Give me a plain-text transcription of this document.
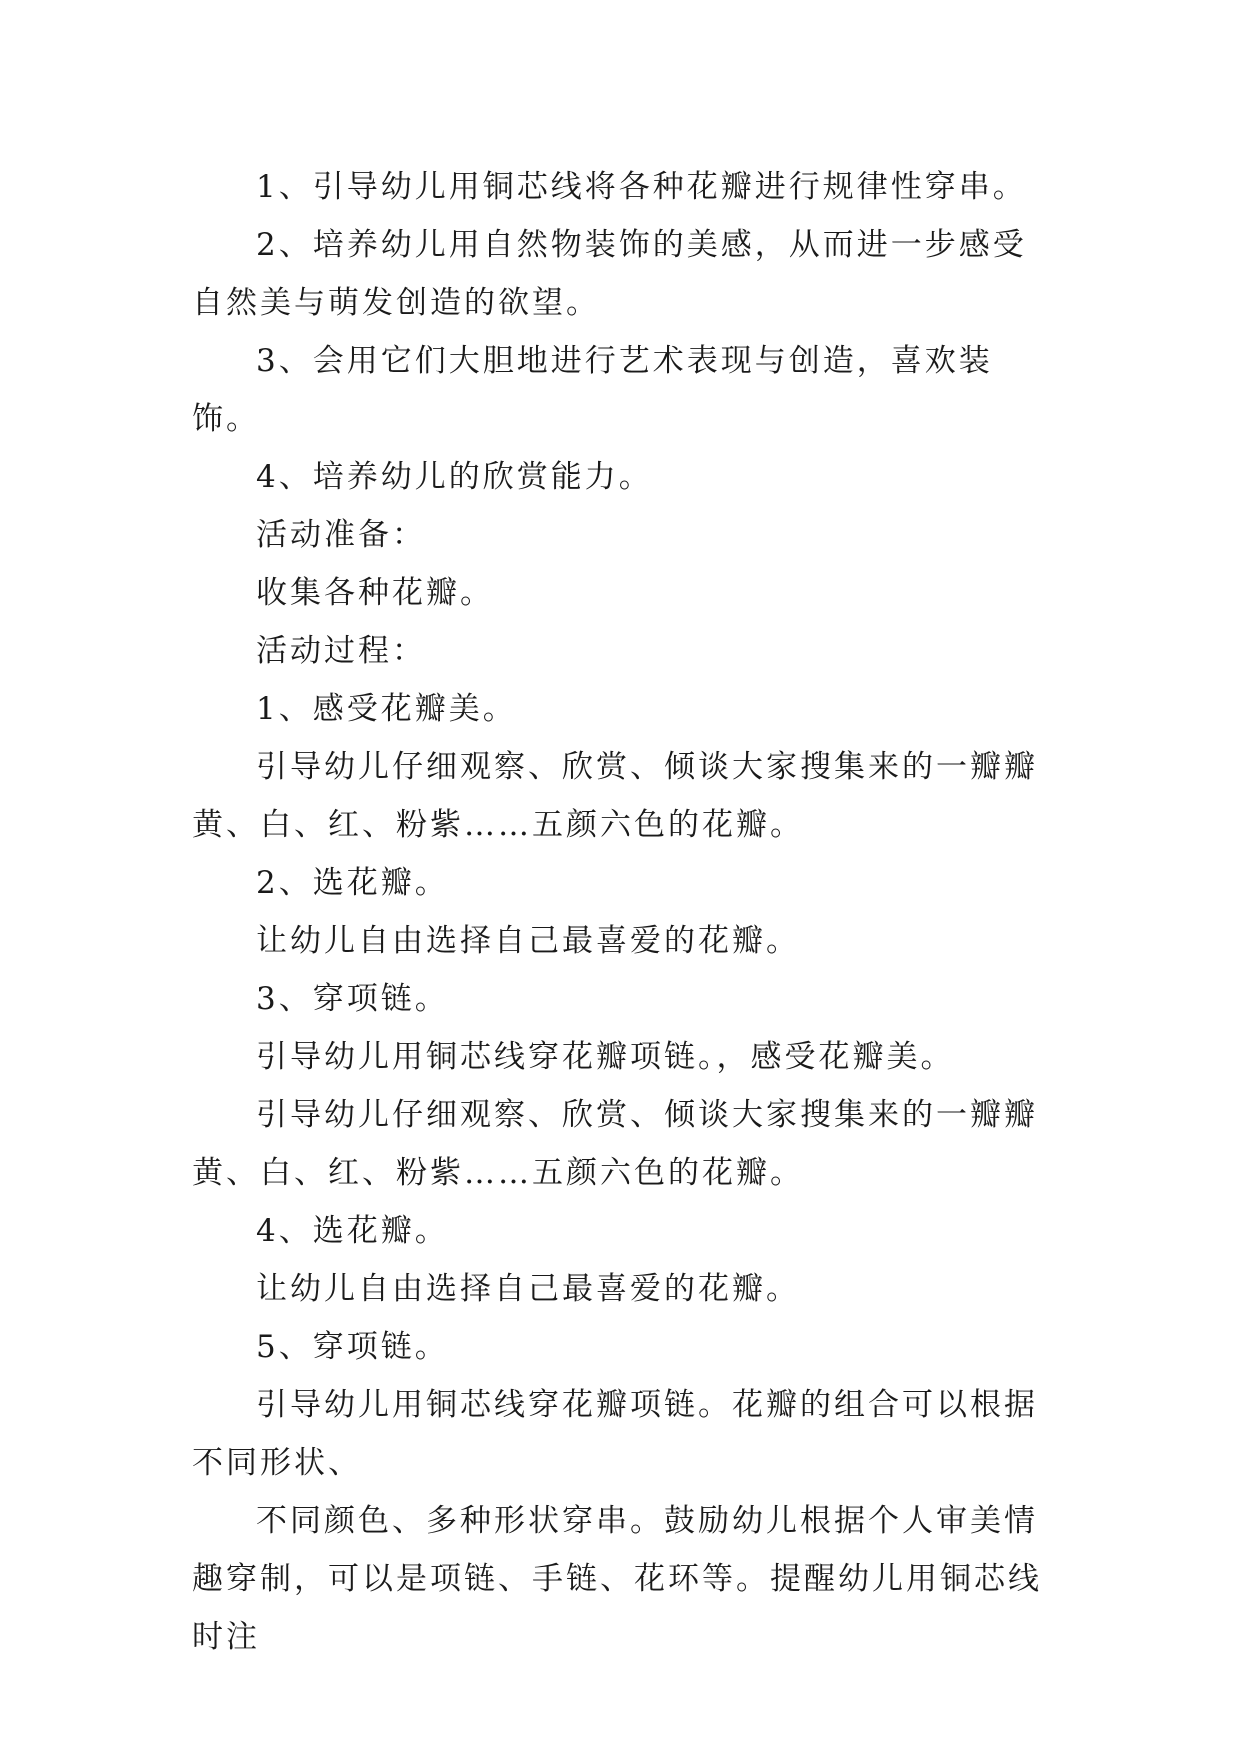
1、引导幼儿用铜芯线将各种花瓣进行规律性穿串。

2、培养幼儿用自然物装饰的美感，从而进一步感受自然美与萌发创造的欲望。

3、会用它们大胆地进行艺术表现与创造，喜欢装饰。

4、培养幼儿的欣赏能力。

活动准备：

收集各种花瓣。

活动过程：

1、感受花瓣美。

引导幼儿仔细观察、欣赏、倾谈大家搜集来的一瓣瓣黄、白、红、粉紫……五颜六色的花瓣。

2、选花瓣。

让幼儿自由选择自己最喜爱的花瓣。

3、穿项链。

引导幼儿用铜芯线穿花瓣项链。，感受花瓣美。

引导幼儿仔细观察、欣赏、倾谈大家搜集来的一瓣瓣黄、白、红、粉紫……五颜六色的花瓣。

4、选花瓣。

让幼儿自由选择自己最喜爱的花瓣。

5、穿项链。

引导幼儿用铜芯线穿花瓣项链。花瓣的组合可以根据不同形状、

不同颜色、多种形状穿串。鼓励幼儿根据个人审美情趣穿制，可以是项链、手链、花环等。提醒幼儿用铜芯线时注
